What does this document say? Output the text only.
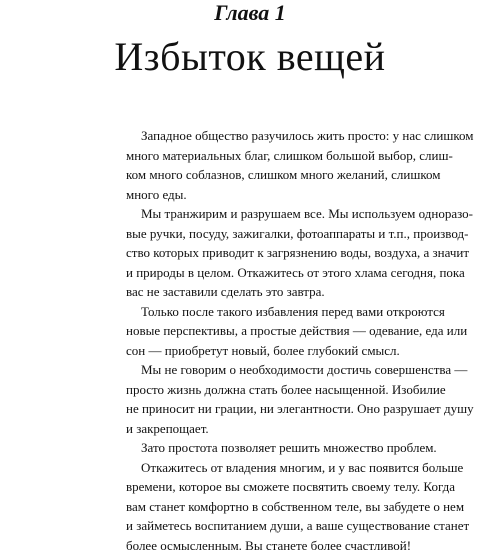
Глава 1
Избыток вещей

Западное общество разучилось жить просто: у нас слишком
много материальных благ, слишком большой выбор, слиш-
ком много соблазнов, слишком много желаний, слишком
много еды.

Мы транжирим и разрушаем все. Мы используем одноразо-
вые ручки, посуду, зажигалки, фотоаппараты и т.п., производ-
ство которых приводит к загрязнению воды, воздуха, а значит
и природы в целом. Откажитесь от этого хлама сегодня, пока
вас не заставили сделать это завтра.

Только после такого избавления перед вами откроются
новые перспективы, а простые действия — одевание, еда или
сон — приобретут новый, более глубокий смысл.

Мы не говорим о необходимости достичь совершенства —
просто жизнь должна стать более насыщенной. Изобилие
не приносит ни грации, ни элегантности. Оно разрушает душу
и закрепощает.

Зато простота позволяет решить множество проблем.

Откажитесь от владения многим, и у вас появится больше
времени, которое вы сможете посвятить своему телу. Когда
вам станет комфортно в собственном теле, вы забудете о нем
и займетесь воспитанием души, а ваше существование станет
более осмысленным. Вы станете более счастливой!
